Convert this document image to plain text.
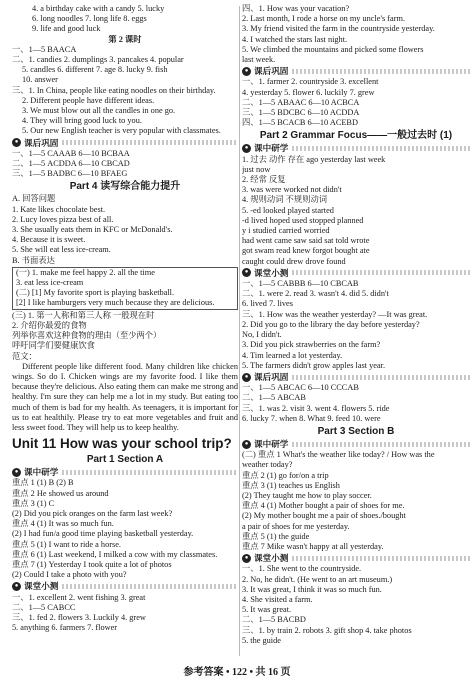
4. a birthday cake with a candy 5. lucky
6. long noodles 7. long life 8. eggs
9. life and good luck
第 2 课时
一、1—5 BAACA
二、1. candies 2. dumplings 3. pancakes 4. popular
5. candles 6. different 7. age 8. lucky 9. fish
10. answer
三、1. In China, people like eating noodles on their birthday.
2. Different people have different ideas.
3. We must blow out all the candles in one go.
4. They will bring good luck to you.
5. Our new English teacher is very popular with classmates.
● 课后巩固
一、1—5 CAAAB 6—10 BCBAA
二、1—5 ACDDA 6—10 CBCAD
三、1—5 BADBC 6—10 BFAEG
Part 4 读写综合能力提升
A. 回答问题
1. Kate likes chocolate best.
2. Lucy loves pizza best of all.
3. She usually eats them in KFC or McDonald's.
4. Because it is sweet.
5. She will eat less ice-cream.
B. 书面表达
(一) 1. make me feel happy 2. all the time
3. eat less ice-cream
(二) [1] My favorite sport is playing basketball.
[2] I like hamburgers very much because they are delicious.
(三) 1. 第一人称和第三人称 一般现在时
2. 介绍你最爱的食物
列举你喜欢这种食物的理由（至少两个）
呼吁同学们要健康饮食
范文：
Different people like different food. Many children like chicken wings. So do I. Chicken wings are my favorite food. I like them because they're delicious. Also eating them can make me strong and healthy. I'm sure they can help me a lot in my study. But eating too much of them is bad for my health. As teenagers, it is important for us to eat healthily. Please try to eat more vegetables and fruit and less sweet food. They will help us to keep healthy.
Unit 11 How was your school trip?
Part 1 Section A
● 课中研学
重点 1 (1) B (2) B
重点 2 He showed us around
重点 3 (1) C
(2) Did you pick oranges on the farm last week?
重点 4 (1) It was so much fun.
(2) I had fun/a good time playing basketball yesterday.
重点 5 (1) I want to ride a horse.
重点 6 (1) Last weekend, I milked a cow with my classmates.
重点 7 (1) Yesterday I took quite a lot of photos
(2) Could I take a photo with you?
● 课堂小测
一、1. excellent 2. went fishing 3. great
二、1—5 CABCC
三、1. fed 2. flowers 3. Luckily 4. grew
5. anything 6. farmers 7. flower
四、1. How was your vacation?
2. Last month, I rode a horse on my uncle's farm.
3. My friend visited the farm in the countryside yesterday.
4. I watched the stars last night.
5. We climbed the mountains and picked some flowers
last week.
● 课后巩固
一、1. farmer 2. countryside 3. excellent
4. yesterday 5. flower 6. luckily 7. grew
二、1—5 ABAAC 6—10 ACBCA
三、1—5 BDCBC 6—10 ACDDA
四、1—5 BCACB 6—10 ACEBD
Part 2 Grammar Focus——一般过去时 (1)
● 课中研学
1. 过去 动作 存在 ago yesterday last week
just now
2. 经常 反复
3. was were worked not didn't
4. 规则动词 不规则动词
5. -ed looked played started
-d lived hoped used stopped planned
y i studied carried worried
had went came saw said sat told wrote
got swam read knew forgot bought ate
caught could drew drove found
● 课堂小测
一、1—5 CABBB 6—10 CBCAB
二、1. were 2. read 3. wasn't 4. did 5. didn't
6. lived 7. lives
三、1. How was the weather yesterday? —It was great.
2. Did you go to the library the day before yesterday?
No, I didn't.
3. Did you pick strawberries on the farm?
4. Tim learned a lot yesterday.
5. The farmers didn't grow apples last year.
● 课后巩固
一、1—5 ABCAC 6—10 CCCAB
二、1—5 ABCAB
三、1. was 2. visit 3. went 4. flowers 5. ride
6. lucky 7. when 8. What 9. feed 10. were
Part 3 Section B
● 课中研学
(二) 重点 1 What's the weather like today? / How was the
weather today?
重点 2 (1) go for/on a trip
重点 3 (1) teaches us English
(2) They taught me how to play soccer.
重点 4 (1) Mother bought a pair of shoes for me.
(2) My mother bought me a pair of shoes./bought
a pair of shoes for me yesterday.
重点 5 (1) the guide
重点 7 Mike wasn't happy at all yesterday.
● 课堂小测
一、1. She went to the countryside.
2. No, he didn't. (He went to an art museum.)
3. It was great, I think it was so much fun.
4. She visited a farm.
5. It was great.
二、1—5 BACBD
三、1. by train 2. robots 3. gift shop 4. take photos
5. the guide
参考答案 • 122 • 共 16 页
